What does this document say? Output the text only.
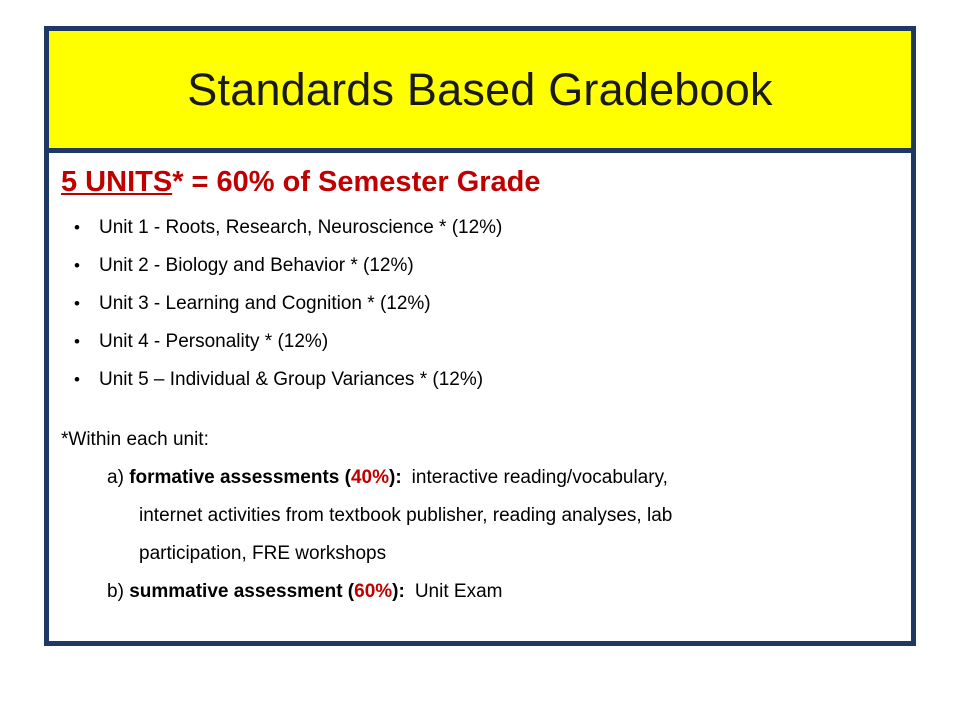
Standards Based Gradebook
5 UNITS* = 60% of Semester Grade
• Unit 1 - Roots, Research, Neuroscience * (12%)
• Unit 2 - Biology and Behavior * (12%)
• Unit 3 - Learning and Cognition * (12%)
• Unit 4 - Personality * (12%)
• Unit 5 – Individual & Group Variances * (12%)
*Within each unit:
a) formative assessments (40%): interactive reading/vocabulary,
internet activities from textbook publisher, reading analyses, lab
participation, FRE workshops
b) summative assessment (60%): Unit Exam
